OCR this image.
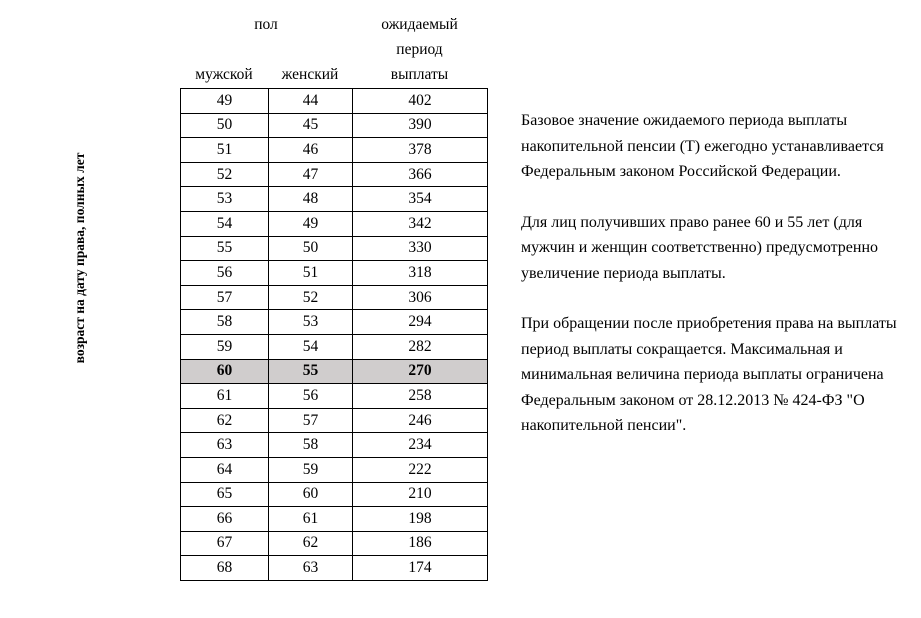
возраст на дату права, полных лет
пол
мужской	женский
ожидаемый
период
выплаты
49	44	402
50	45	390
51	46	378
52	47	366
53	48	354
54	49	342
55	50	330
56	51	318
57	52	306
58	53	294
59	54	282
60	55	270
61	56	258
62	57	246
63	58	234
64	59	222
65	60	210
66	61	198
67	62	186
68	63	174

Базовое значение ожидаемого периода выплаты накопительной пенсии (Т) ежегодно устанавливается Федеральным законом Российской Федерации.

Для лиц получивших право ранее 60 и 55 лет (для мужчин и женщин соответственно) предусмотренно увеличение периода выплаты.

При обращении после приобретения права на выплаты период выплаты сокращается. Максимальная и минимальная величина периода выплаты ограничена Федеральным законом от 28.12.2013 № 424-ФЗ "О накопительной пенсии".
